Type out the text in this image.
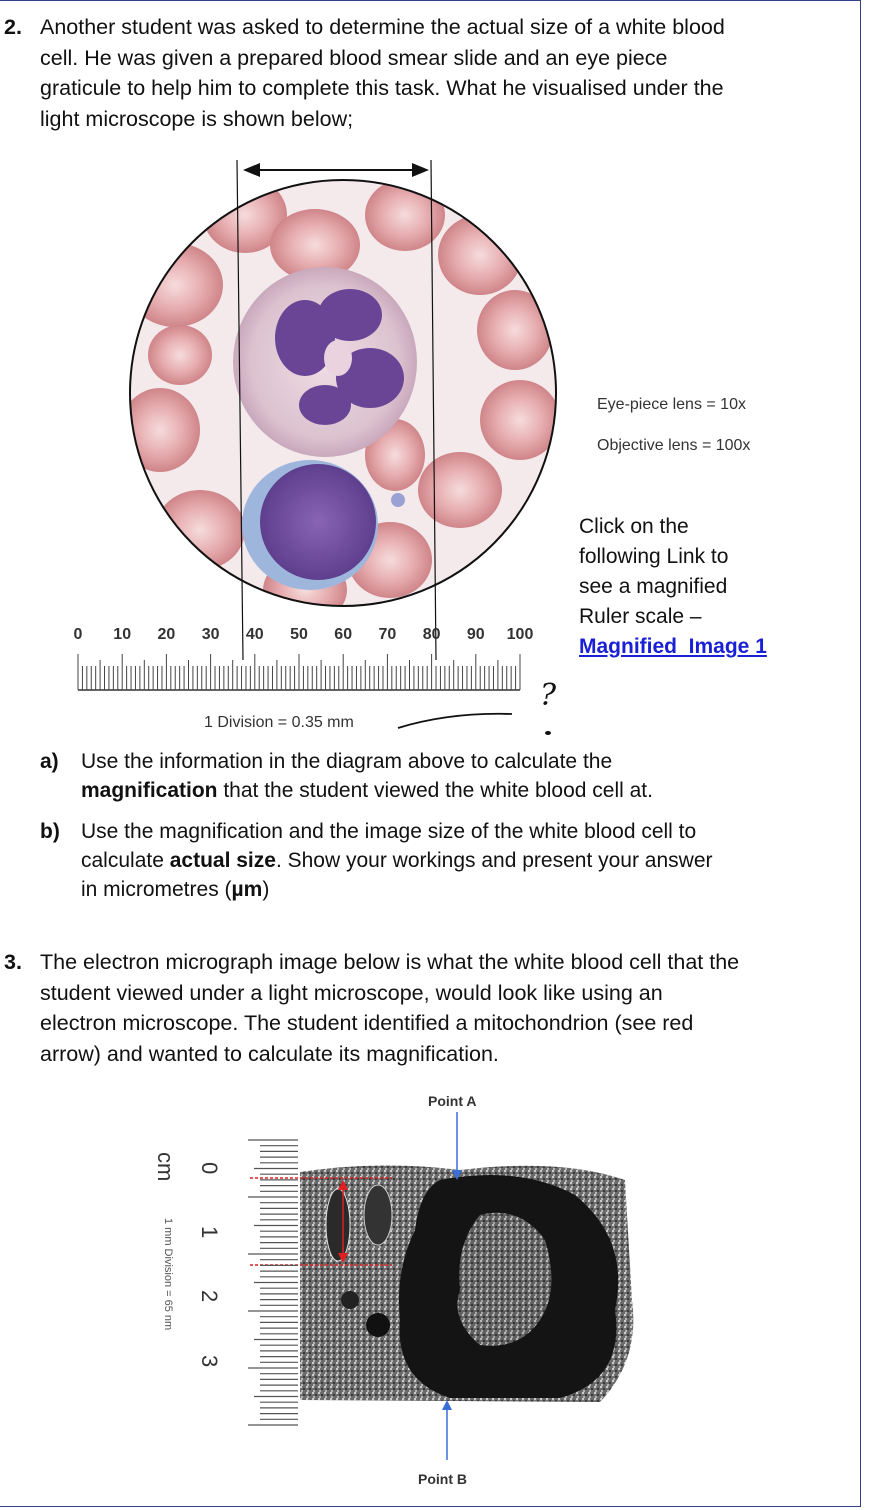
2. Another student was asked to determine the actual size of a white blood
cell. He was given a prepared blood smear slide and an eye piece
graticule to help him to complete this task. What he visualised under the
light microscope is shown below;
0 10 20 30 40 50 60 70 80 90 100
?
Eye-piece lens = 10x
Objective lens = 100x
Click on the
following Link to
see a magnified
Ruler scale –
Magnified  Image 1
1 Division = 0.35 mm
a) Use the information in the diagram above to calculate the
magnification that the student viewed the white blood cell at.
b) Use the magnification and the image size of the white blood cell to
calculate actual size. Show your workings and present your answer
in micrometres (µm)
3. The electron micrograph image below is what the white blood cell that the
student viewed under a light microscope, would look like using an
electron microscope. The student identified a mitochondrion (see red
arrow) and wanted to calculate its magnification.
Point A
Point B
cm
1 mm Division = 65 nm
0
1
2
3
